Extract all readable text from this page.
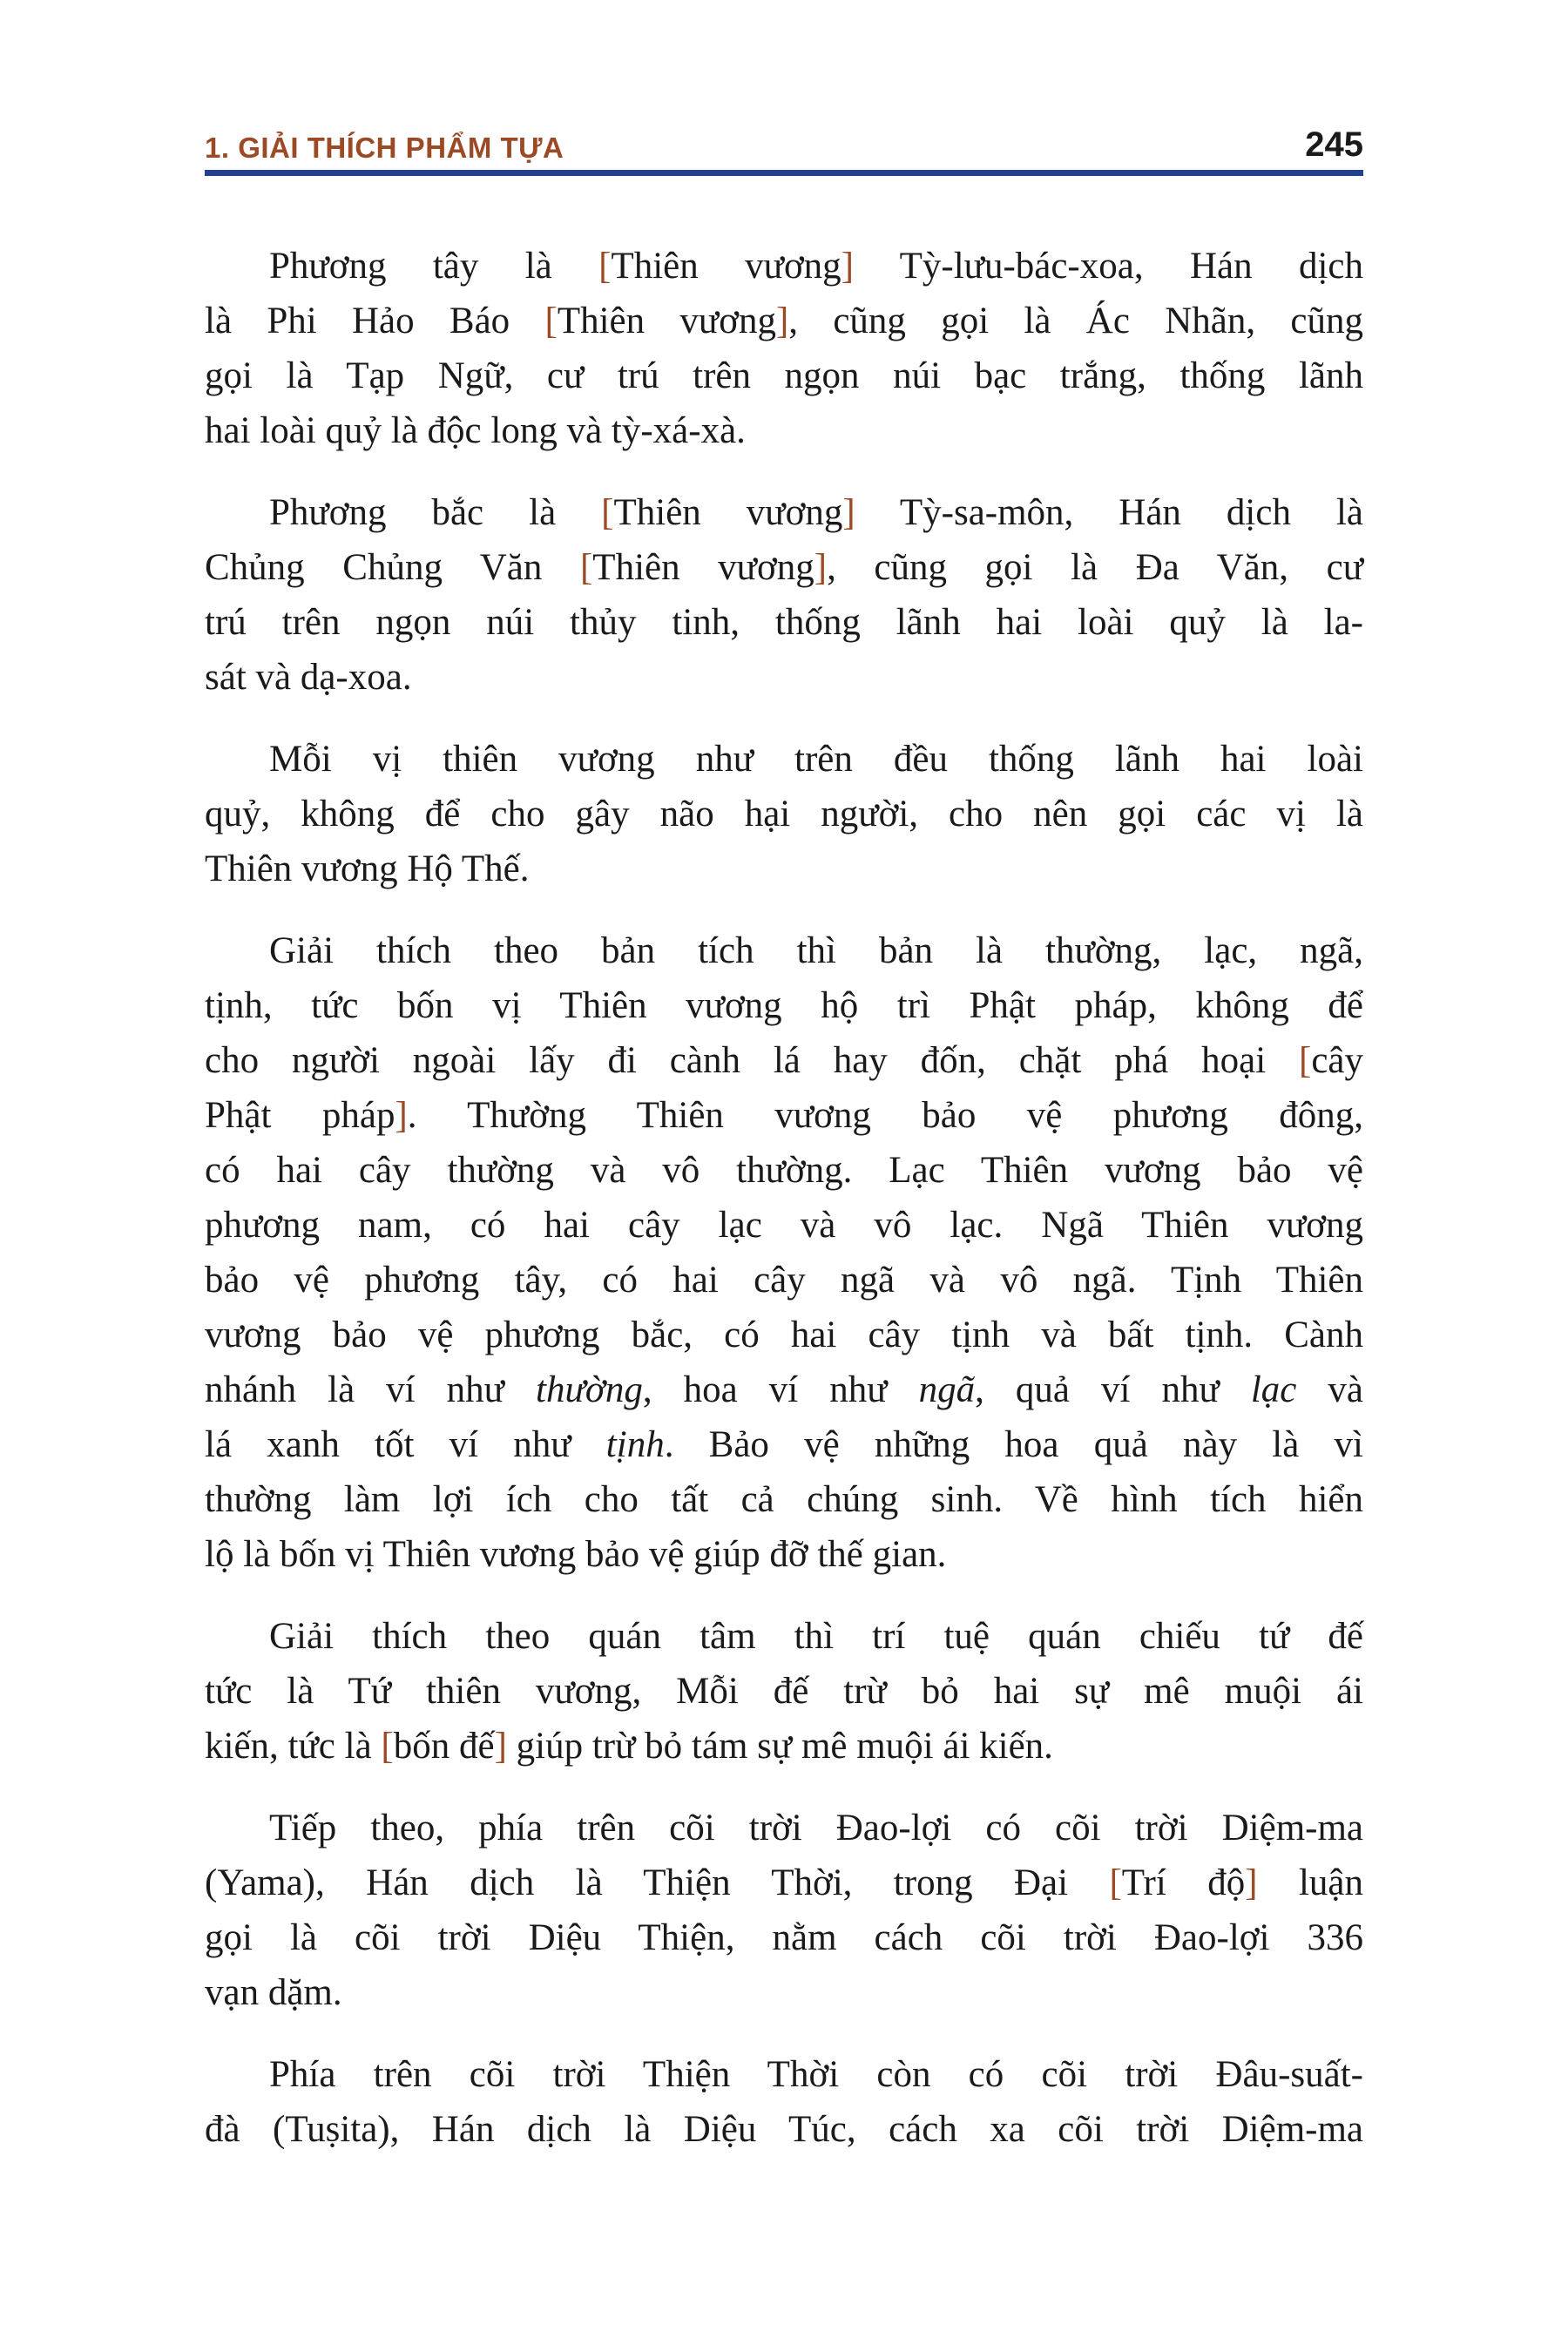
1. GIẢI THÍCH PHẨM TỰA	245

Phương tây là [Thiên vương] Tỳ-lưu-bác-xoa, Hán dịch
là Phi Hảo Báo [Thiên vương], cũng gọi là Ác Nhãn, cũng
gọi là Tạp Ngữ, cư trú trên ngọn núi bạc trắng, thống lãnh
hai loài quỷ là độc long và tỳ-xá-xà.

Phương bắc là [Thiên vương] Tỳ-sa-môn, Hán dịch là
Chủng Chủng Văn [Thiên vương], cũng gọi là Đa Văn, cư
trú trên ngọn núi thủy tinh, thống lãnh hai loài quỷ là la-
sát và dạ-xoa.

Mỗi vị thiên vương như trên đều thống lãnh hai loài
quỷ, không để cho gây não hại người, cho nên gọi các vị là
Thiên vương Hộ Thế.

Giải thích theo bản tích thì bản là thường, lạc, ngã,
tịnh, tức bốn vị Thiên vương hộ trì Phật pháp, không để
cho người ngoài lấy đi cành lá hay đốn, chặt phá hoại [cây
Phật pháp]. Thường Thiên vương bảo vệ phương đông,
có hai cây thường và vô thường. Lạc Thiên vương bảo vệ
phương nam, có hai cây lạc và vô lạc. Ngã Thiên vương
bảo vệ phương tây, có hai cây ngã và vô ngã. Tịnh Thiên
vương bảo vệ phương bắc, có hai cây tịnh và bất tịnh. Cành
nhánh là ví như thường, hoa ví như ngã, quả ví như lạc và
lá xanh tốt ví như tịnh. Bảo vệ những hoa quả này là vì
thường làm lợi ích cho tất cả chúng sinh. Về hình tích hiển
lộ là bốn vị Thiên vương bảo vệ giúp đỡ thế gian.

Giải thích theo quán tâm thì trí tuệ quán chiếu tứ đế
tức là Tứ thiên vương, Mỗi đế trừ bỏ hai sự mê muội ái
kiến, tức là [bốn đế] giúp trừ bỏ tám sự mê muội ái kiến.

Tiếp theo, phía trên cõi trời Đao-lợi có cõi trời Diệm-ma
(Yama), Hán dịch là Thiện Thời, trong Đại [Trí độ] luận
gọi là cõi trời Diệu Thiện, nằm cách cõi trời Đao-lợi 336
vạn dặm.

Phía trên cõi trời Thiện Thời còn có cõi trời Đâu-suất-
đà (Tuṣita), Hán dịch là Diệu Túc, cách xa cõi trời Diệm-ma
